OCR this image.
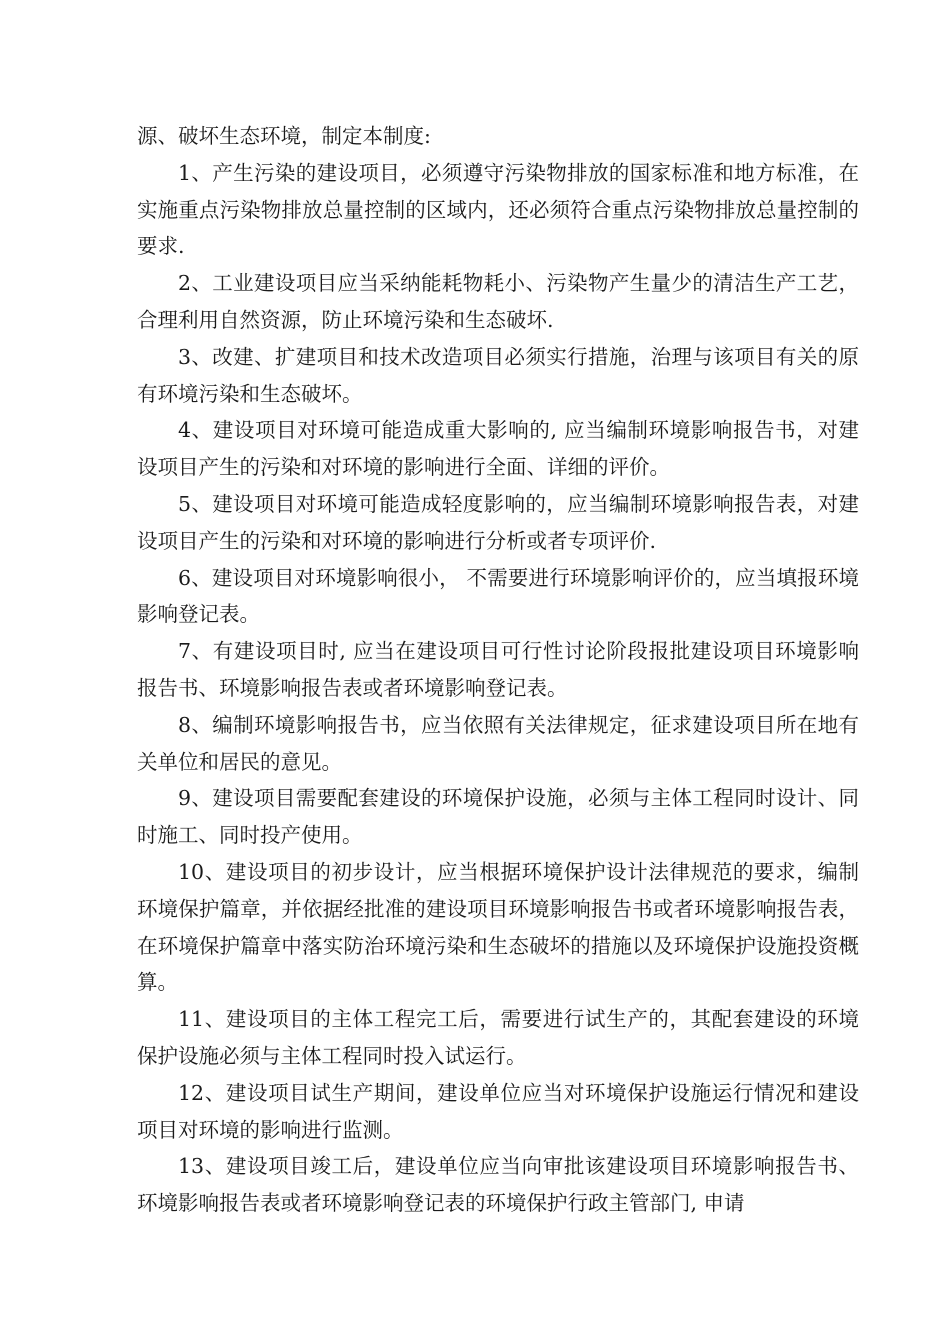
源、破坏生态环境，制定本制度:

1、产生污染的建设项目，必须遵守污染物排放的国家标准和地方标准，在实施重点污染物排放总量控制的区域内，还必须符合重点污染物排放总量控制的要求.

2、工业建设项目应当采纳能耗物耗小、污染物产生量少的清洁生产工艺，合理利用自然资源，防止环境污染和生态破坏.

3、改建、扩建项目和技术改造项目必须实行措施，治理与该项目有关的原有环境污染和生态破坏。

4、建设项目对环境可能造成重大影响的, 应当编制环境影响报告书，对建设项目产生的污染和对环境的影响进行全面、详细的评价。

5、建设项目对环境可能造成轻度影响的，应当编制环境影响报告表，对建设项目产生的污染和对环境的影响进行分析或者专项评价.

6、建设项目对环境影响很小， 不需要进行环境影响评价的，应当填报环境影响登记表。

7、有建设项目时, 应当在建设项目可行性讨论阶段报批建设项目环境影响报告书、环境影响报告表或者环境影响登记表。

8、编制环境影响报告书，应当依照有关法律规定，征求建设项目所在地有关单位和居民的意见。

9、建设项目需要配套建设的环境保护设施，必须与主体工程同时设计、同时施工、同时投产使用。

10、建设项目的初步设计，应当根据环境保护设计法律规范的要求，编制环境保护篇章，并依据经批准的建设项目环境影响报告书或者环境影响报告表，在环境保护篇章中落实防治环境污染和生态破坏的措施以及环境保护设施投资概算。

11、建设项目的主体工程完工后，需要进行试生产的，其配套建设的环境保护设施必须与主体工程同时投入试运行。

12、建设项目试生产期间，建设单位应当对环境保护设施运行情况和建设项目对环境的影响进行监测。

13、建设项目竣工后，建设单位应当向审批该建设项目环境影响报告书、环境影响报告表或者环境影响登记表的环境保护行政主管部门, 申请
